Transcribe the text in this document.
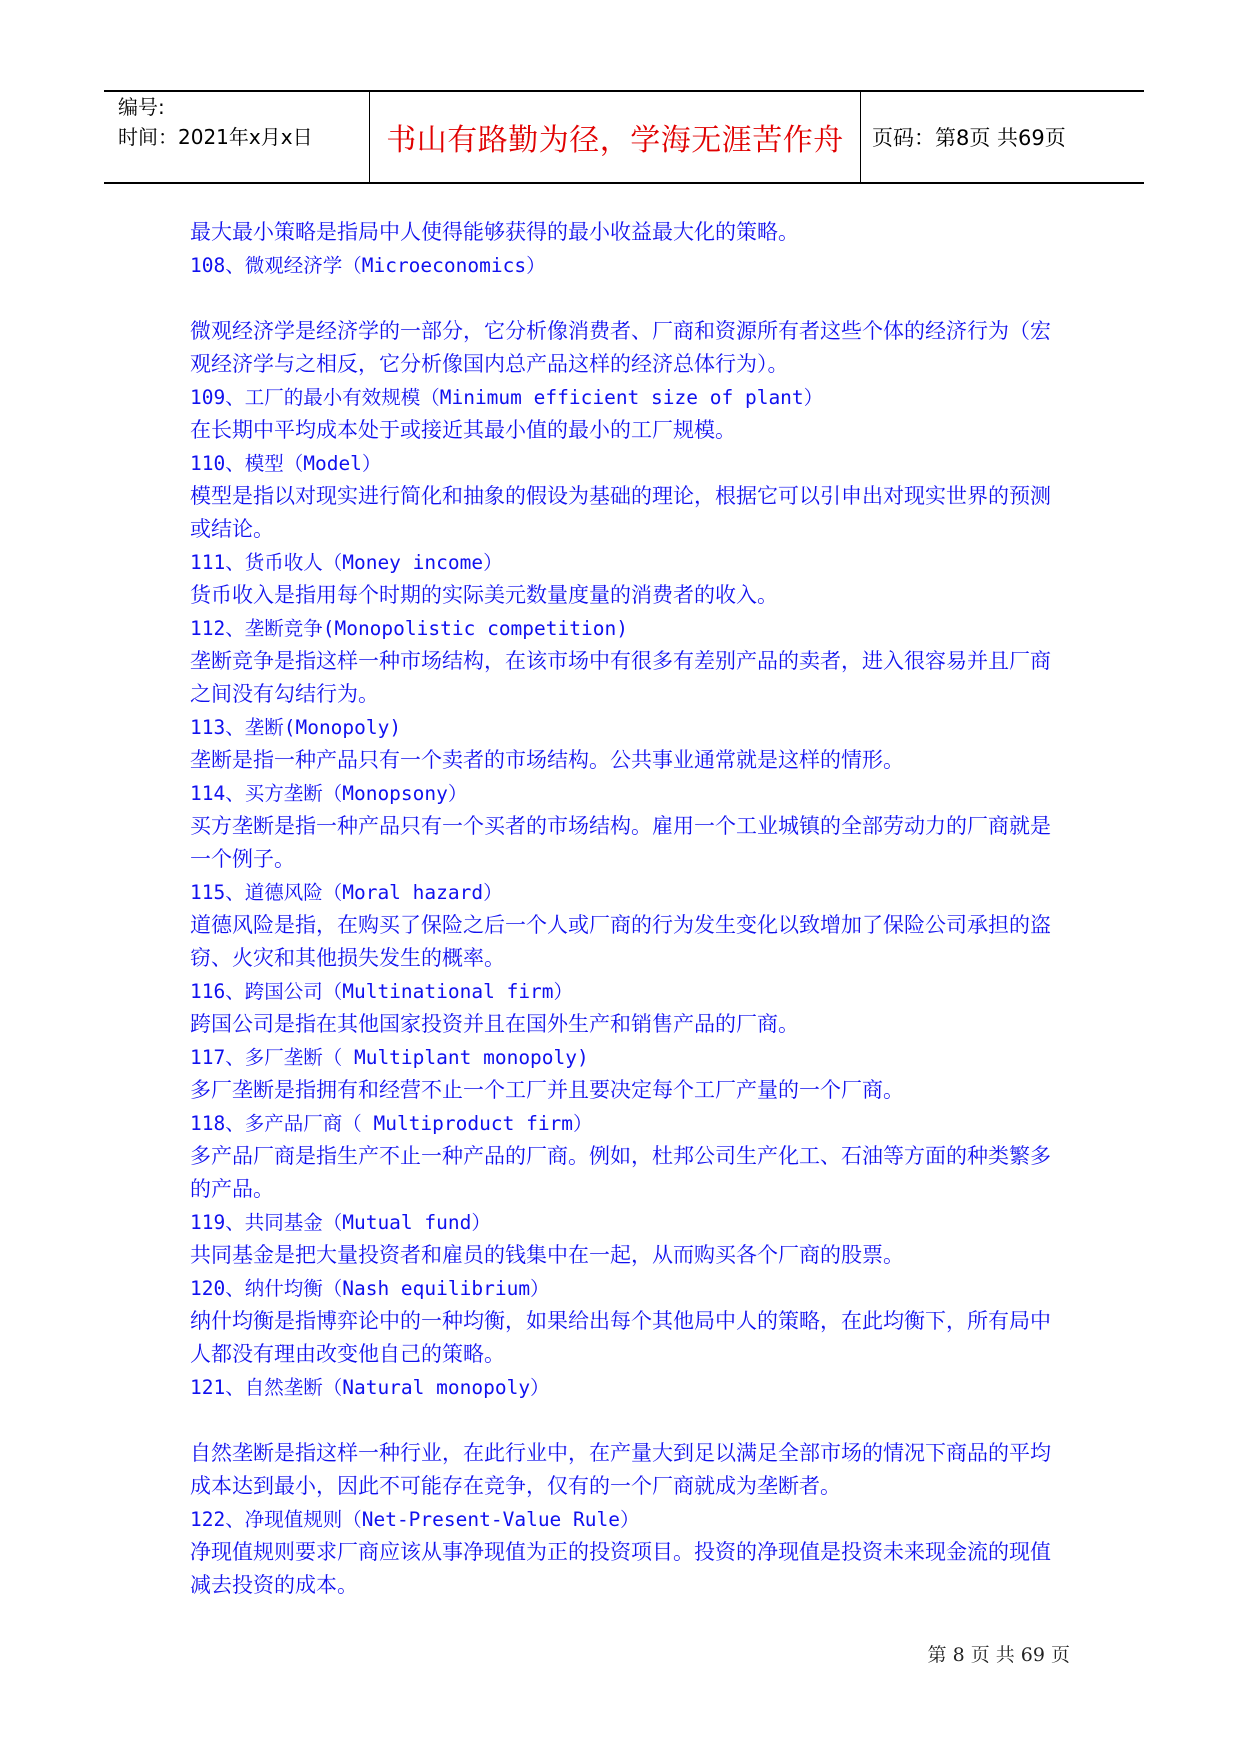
编号:
时间：2021年x月x日	书山有路勤为径，学海无涯苦作舟 页码：第8页 共69页

最大最小策略是指局中人使得能够获得的最小收益最大化的策略。

108、微观经济学（Microeconomics）

微观经济学是经济学的一部分，它分析像消费者、厂商和资源所有者这些个体的经济行为（宏观经济学与之相反，它分析像国内总产品这样的经济总体行为）。

109、工厂的最小有效规模（Minimum efficient size of plant）

在长期中平均成本处于或接近其最小值的最小的工厂规模。

110、模型（Model）

模型是指以对现实进行简化和抽象的假设为基础的理论，根据它可以引申出对现实世界的预测或结论。

111、货币收人（Money income）

货币收入是指用每个时期的实际美元数量度量的消费者的收入。

112、垄断竞争(Monopolistic competition)

垄断竞争是指这样一种市场结构，在该市场中有很多有差别产品的卖者，进入很容易并且厂商之间没有勾结行为。

113、垄断(Monopoly)

垄断是指一种产品只有一个卖者的市场结构。公共事业通常就是这样的情形。

114、买方垄断（Monopsony）

买方垄断是指一种产品只有一个买者的市场结构。雇用一个工业城镇的全部劳动力的厂商就是一个例子。

115、道德风险（Moral hazard）

道德风险是指，在购买了保险之后一个人或厂商的行为发生变化以致增加了保险公司承担的盗窃、火灾和其他损失发生的概率。

116、跨国公司（Multinational firm）

跨国公司是指在其他国家投资并且在国外生产和销售产品的厂商。

117、多厂垄断（ Multiplant monopoly)

多厂垄断是指拥有和经营不止一个工厂并且要决定每个工厂产量的一个厂商。

118、多产品厂商（ Multiproduct firm）

多产品厂商是指生产不止一种产品的厂商。例如，杜邦公司生产化工、石油等方面的种类繁多的产品。

119、共同基金（Mutual fund）

共同基金是把大量投资者和雇员的钱集中在一起，从而购买各个厂商的股票。

120、纳什均衡（Nash equilibrium）

纳什均衡是指博弈论中的一种均衡，如果给出每个其他局中人的策略，在此均衡下，所有局中人都没有理由改变他自己的策略。

121、自然垄断（Natural monopoly）

自然垄断是指这样一种行业，在此行业中，在产量大到足以满足全部市场的情况下商品的平均成本达到最小，因此不可能存在竞争，仅有的一个厂商就成为垄断者。

122、净现值规则（Net-Present-Value Rule）

净现值规则要求厂商应该从事净现值为正的投资项目。投资的净现值是投资未来现金流的现值减去投资的成本。

第 8 页 共 69 页
